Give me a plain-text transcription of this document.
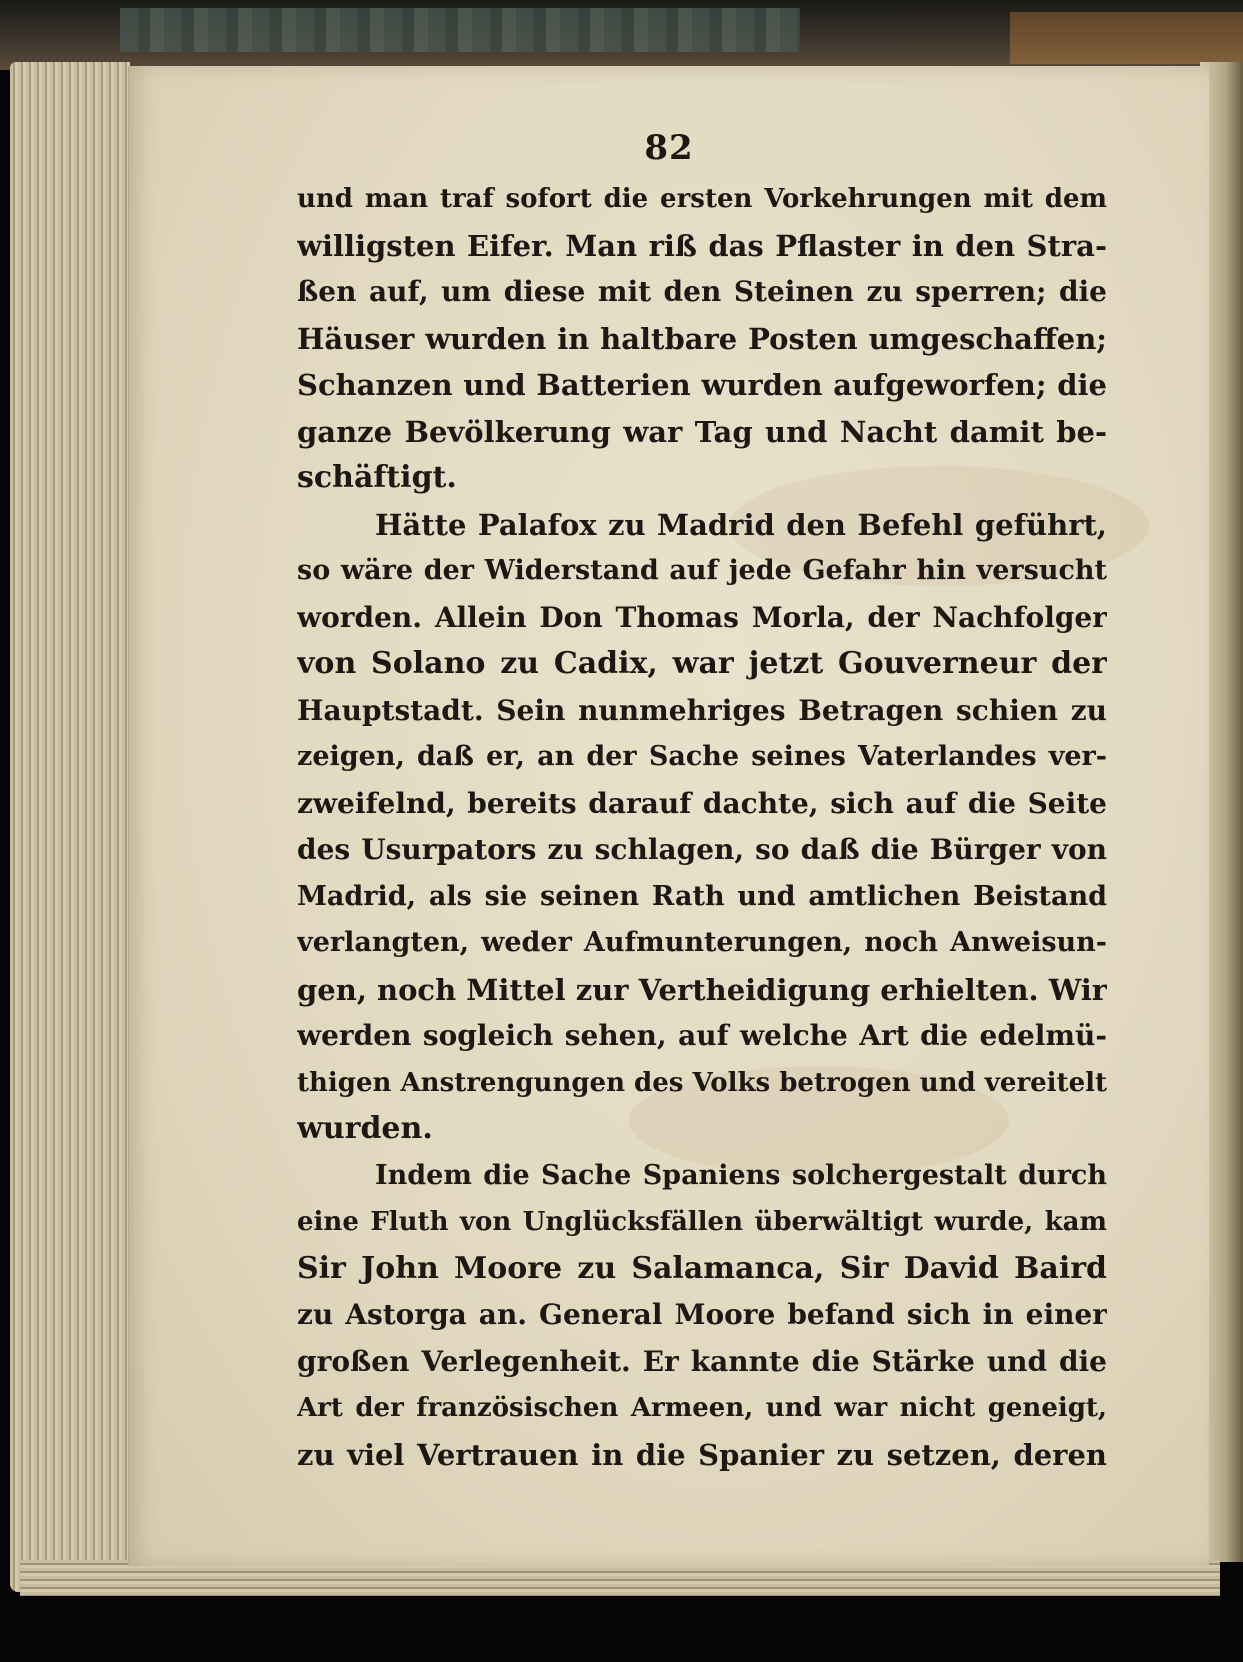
82
und man traf sofort die ersten Vorkehrungen mit dem
willigsten Eifer. Man riß das Pflaster in den Stra-
ßen auf, um diese mit den Steinen zu sperren; die
Häuser wurden in haltbare Posten umgeschaffen;
Schanzen und Batterien wurden aufgeworfen; die
ganze Bevölkerung war Tag und Nacht damit be-
schäftigt.
Hätte Palafox zu Madrid den Befehl geführt,
so wäre der Widerstand auf jede Gefahr hin versucht
worden. Allein Don Thomas Morla, der Nachfolger
von Solano zu Cadix, war jetzt Gouverneur der
Hauptstadt. Sein nunmehriges Betragen schien zu
zeigen, daß er, an der Sache seines Vaterlandes ver-
zweifelnd, bereits darauf dachte, sich auf die Seite
des Usurpators zu schlagen, so daß die Bürger von
Madrid, als sie seinen Rath und amtlichen Beistand
verlangten, weder Aufmunterungen, noch Anweisun-
gen, noch Mittel zur Vertheidigung erhielten. Wir
werden sogleich sehen, auf welche Art die edelmü-
thigen Anstrengungen des Volks betrogen und vereitelt
wurden.
Indem die Sache Spaniens solchergestalt durch
eine Fluth von Unglücksfällen überwältigt wurde, kam
Sir John Moore zu Salamanca, Sir David Baird
zu Astorga an. General Moore befand sich in einer
großen Verlegenheit. Er kannte die Stärke und die
Art der französischen Armeen, und war nicht geneigt,
zu viel Vertrauen in die Spanier zu setzen, deren
